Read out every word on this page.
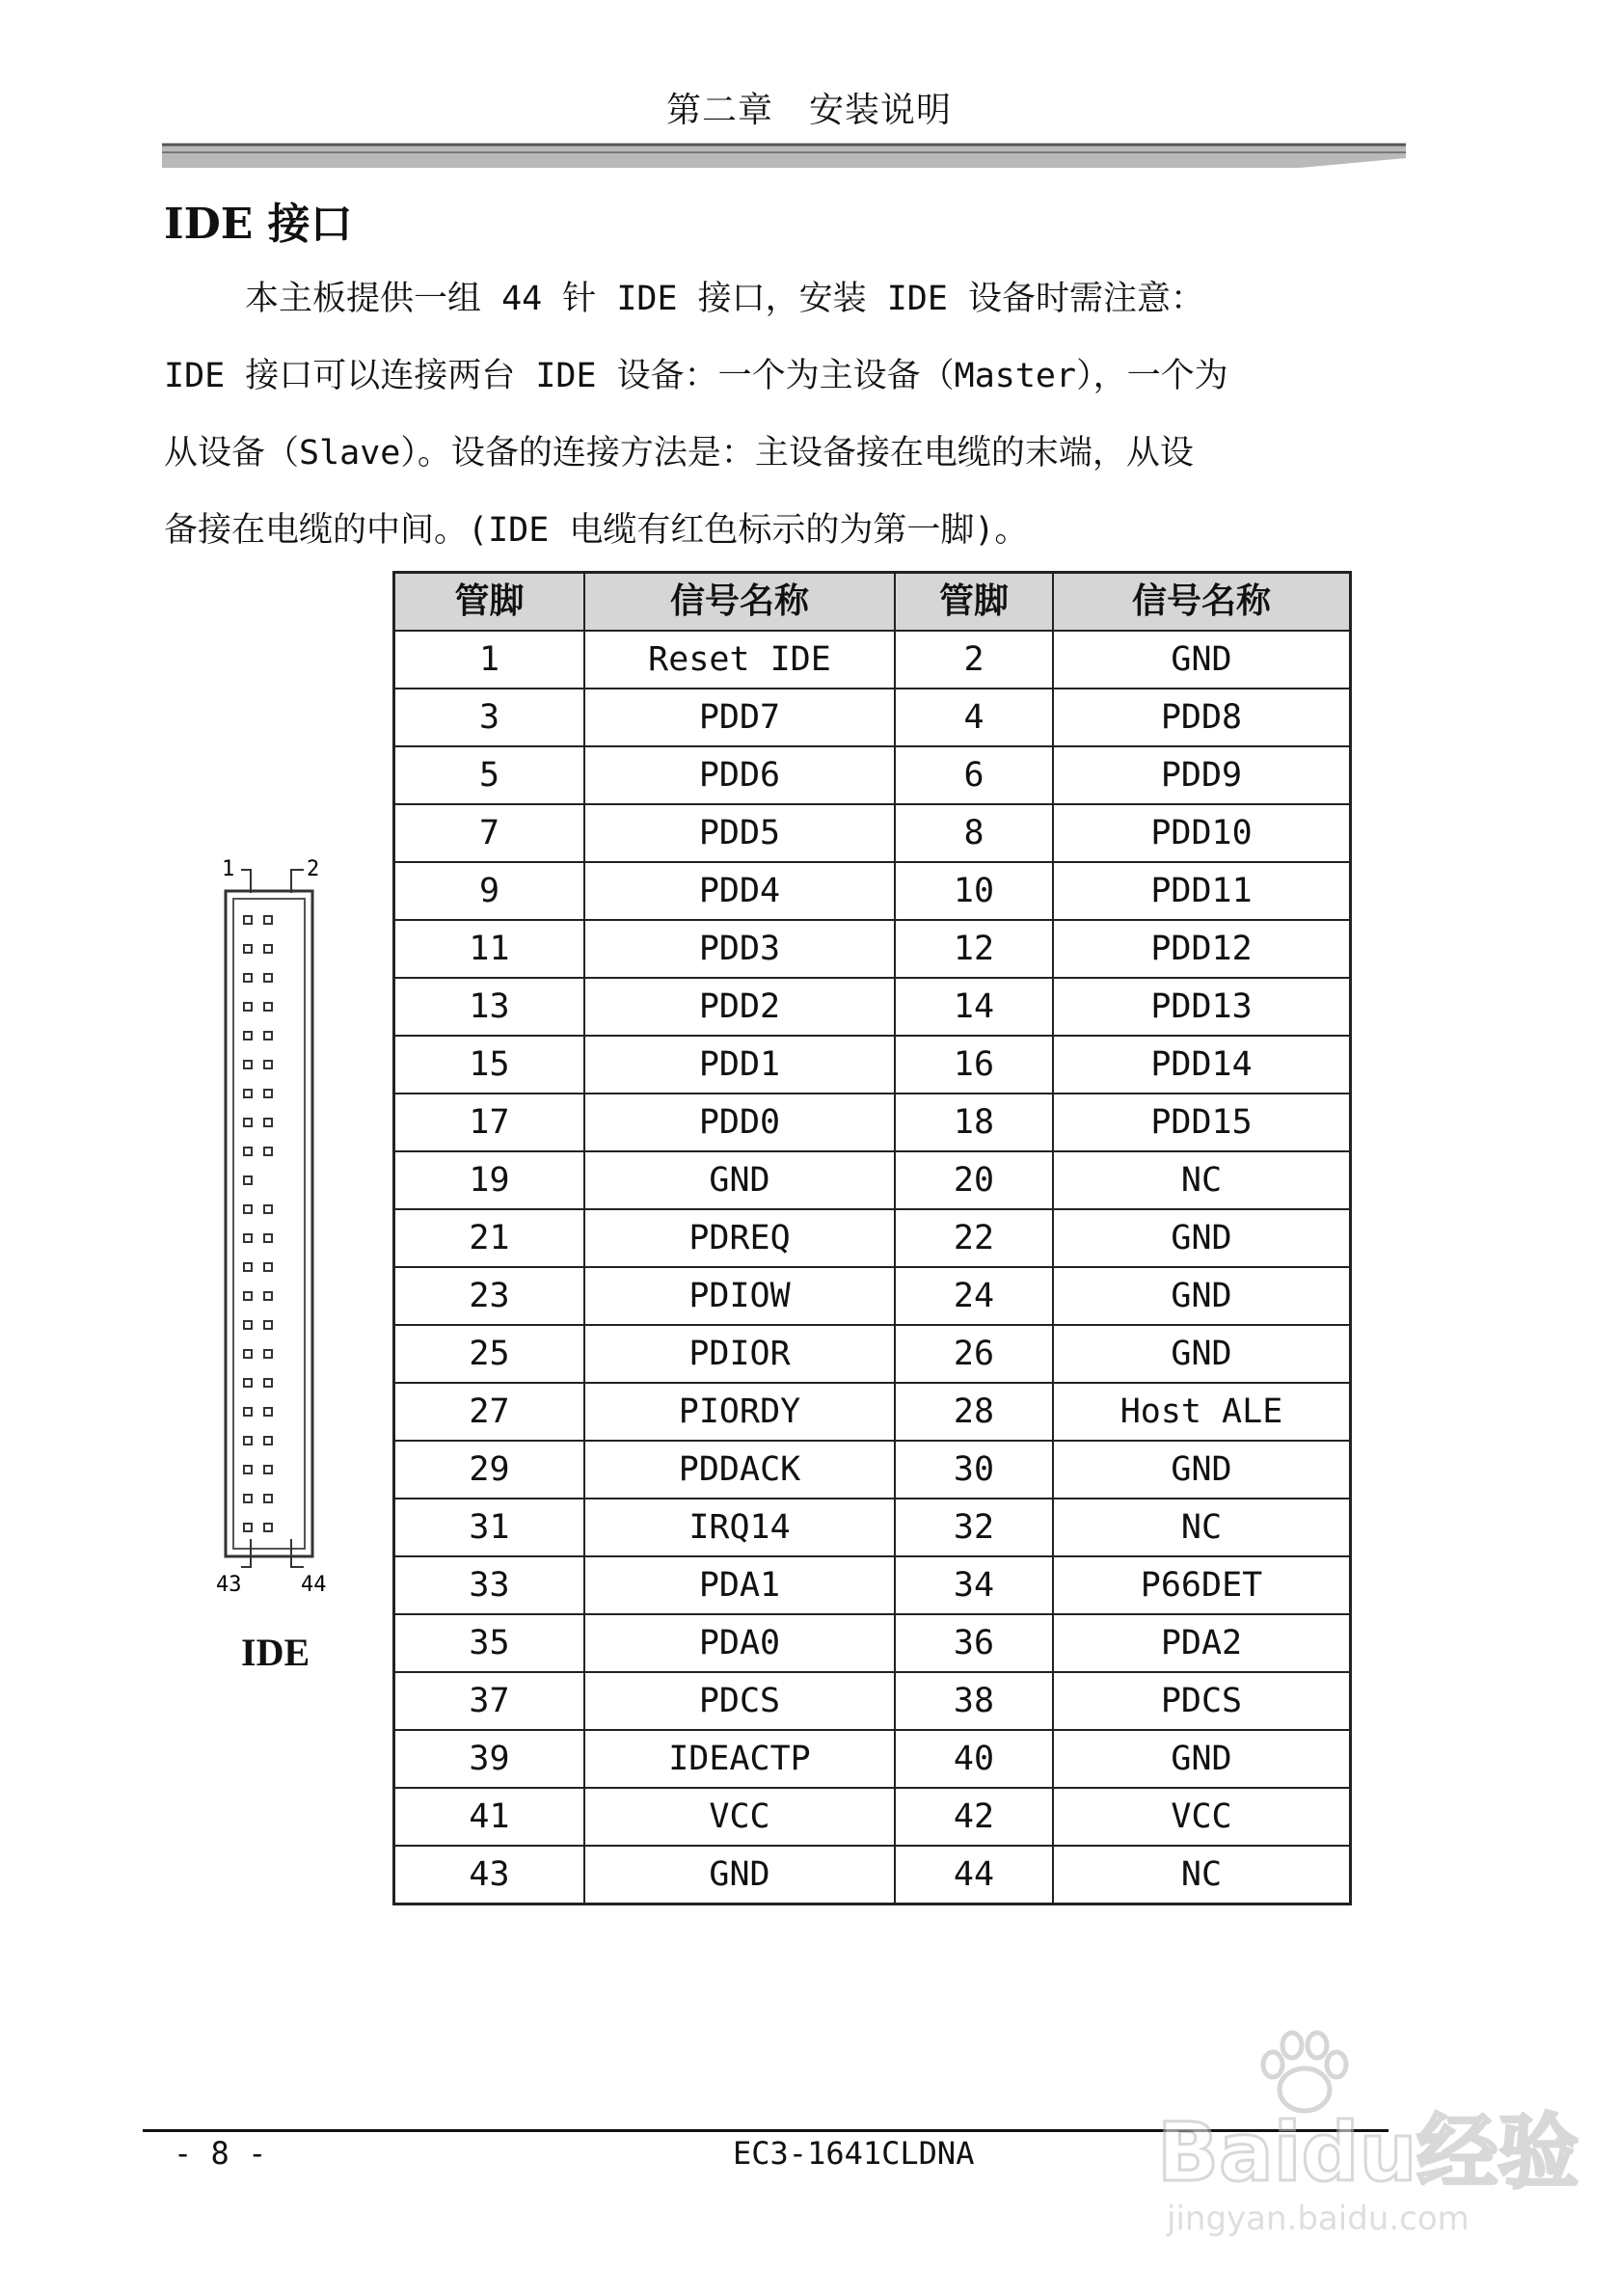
第二章　安装说明
IDE 接口
本主板提供一组 44 针 IDE 接口，安装 IDE 设备时需注意：
IDE 接口可以连接两台 IDE 设备：一个为主设备（Master），一个为
从设备（Slave）。设备的连接方法是：主设备接在电缆的末端，从设
备接在电缆的中间。(IDE 电缆有红色标示的为第一脚)。
管脚	信号名称	管脚	信号名称
1	Reset IDE	2	GND
3	PDD7	4	PDD8
5	PDD6	6	PDD9
7	PDD5	8	PDD10
9	PDD4	10	PDD11
11	PDD3	12	PDD12
13	PDD2	14	PDD13
15	PDD1	16	PDD14
17	PDD0	18	PDD15
19	GND	20	NC
21	PDREQ	22	GND
23	PDIOW	24	GND
25	PDIOR	26	GND
27	PIORDY	28	Host ALE
29	PDDACK	30	GND
31	IRQ14	32	NC
33	PDA1	34	P66DET
35	PDA0	36	PDA2
37	PDCS	38	PDCS
39	IDEACTP	40	GND
41	VCC	42	VCC
43	GND	44	NC
1	2
43	44
IDE
- 8 -	EC3-1641CLDNA Baidu经验
jingyan.baidu.com
